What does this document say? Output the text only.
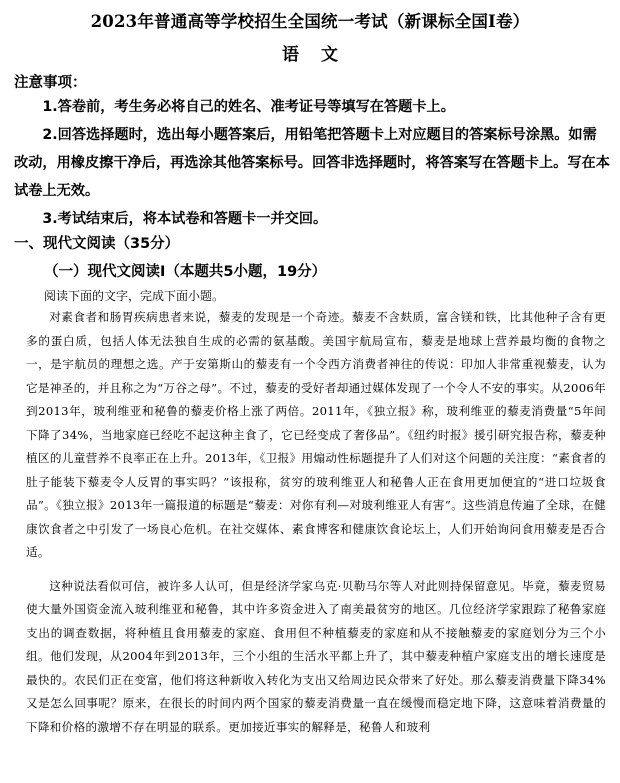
2023年普通高等学校招生全国统一考试（新课标全国Ⅰ卷）
语文
注意事项：

1.答卷前，考生务必将自己的姓名、准考证号等填写在答题卡上。

2.回答选择题时，选出每小题答案后，用铅笔把答题卡上对应题目的答案标号涂黑。如需改动，用橡皮擦干净后，再选涂其他答案标号。回答非选择题时，将答案写在答题卡上。写在本试卷上无效。

3.考试结束后，将本试卷和答题卡一并交回。

一、现代文阅读（35分）
（一）现代文阅读Ⅰ（本题共5小题，19分）
阅读下面的文字，完成下面小题。

对素食者和肠胃疾病患者来说，藜麦的发现是一个奇迹。藜麦不含麸质，富含镁和铁，比其他种子含有更多的蛋白质，包括人体无法独自生成的必需的氨基酸。美国宇航局宣布，藜麦是地球上营养最均衡的食物之一，是宇航员的理想之选。产于安第斯山的藜麦有一个令西方消费者神往的传说：印加人非常重视藜麦，认为它是神圣的，并且称之为“万谷之母”。不过，藜麦的受好者却通过媒体发现了一个令人不安的事实。从2006年到2013年，玻利维亚和秘鲁的藜麦价格上涨了两倍。2011年，《独立报》称，玻利维亚的藜麦消费量“5年间下降了34%，当地家庭已经吃不起这种主食了，它已经变成了奢侈品”。《纽约时报》援引研究报告称，藜麦种植区的儿童营养不良率正在上升。2013年，《卫报》用煽动性标题提升了人们对这个问题的关注度：“素食者的肚子能装下藜麦令人反胃的事实吗？”该报称，贫穷的玻利维亚人和秘鲁人正在食用更加便宜的“进口垃圾食品”。《独立报》2013年一篇报道的标题是“藜麦：对你有利—对玻利维亚人有害”。这些消息传遍了全球，在健康饮食者之中引发了一场良心危机。在社交媒体、素食博客和健康饮食论坛上，人们开始询问食用藜麦是否合适。

这种说法看似可信，被许多人认可，但是经济学家乌克·贝勒马尔等人对此则持保留意见。毕竟，藜麦贸易使大量外国资金流入玻利维亚和秘鲁，其中许多资金进入了南美最贫穷的地区。几位经济学家跟踪了秘鲁家庭支出的调查数据，将种植且食用藜麦的家庭、食用但不种植藜麦的家庭和从不接触藜麦的家庭划分为三个小组。他们发现，从2004年到2013年，三个小组的生活水平都上升了，其中藜麦种植户家庭支出的增长速度是最快的。农民们正在变富，他们将这种新收入转化为支出又给周边民众带来了好处。那么藜麦消费量下降34%又是怎么回事呢？原来，在很长的时间内两个国家的藜麦消费量一直在缓慢而稳定地下降，这意味着消费量的下降和价格的激增不存在明显的联系。更加接近事实的解释是，秘鲁人和玻利
